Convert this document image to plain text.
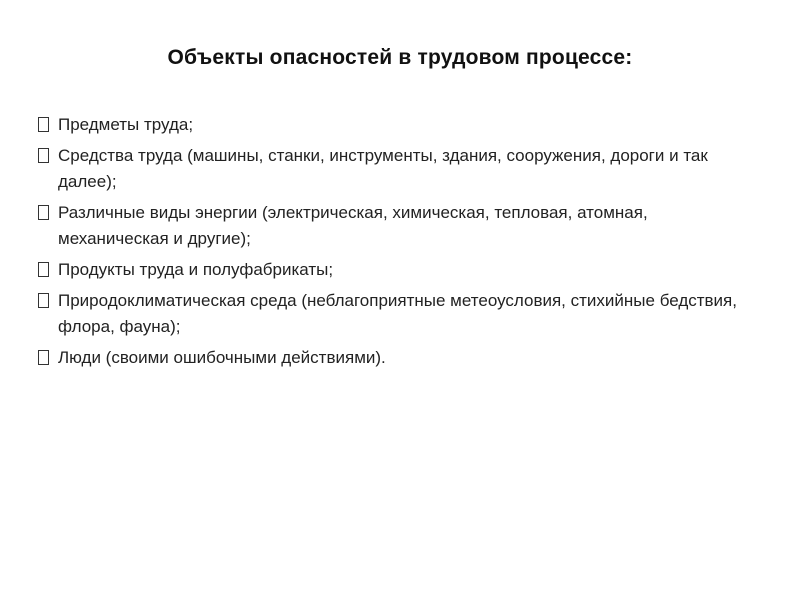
Объекты опасностей в трудовом процессе:
Предметы труда;
Средства труда (машины, станки, инструменты, здания, сооружения, дороги и так далее);
Различные виды энергии (электрическая, химическая, тепловая, атомная, механическая и другие);
Продукты труда и полуфабрикаты;
Природоклиматическая среда (неблагоприятные метеоусловия, стихийные бедствия, флора, фауна);
Люди (своими ошибочными действиями).
